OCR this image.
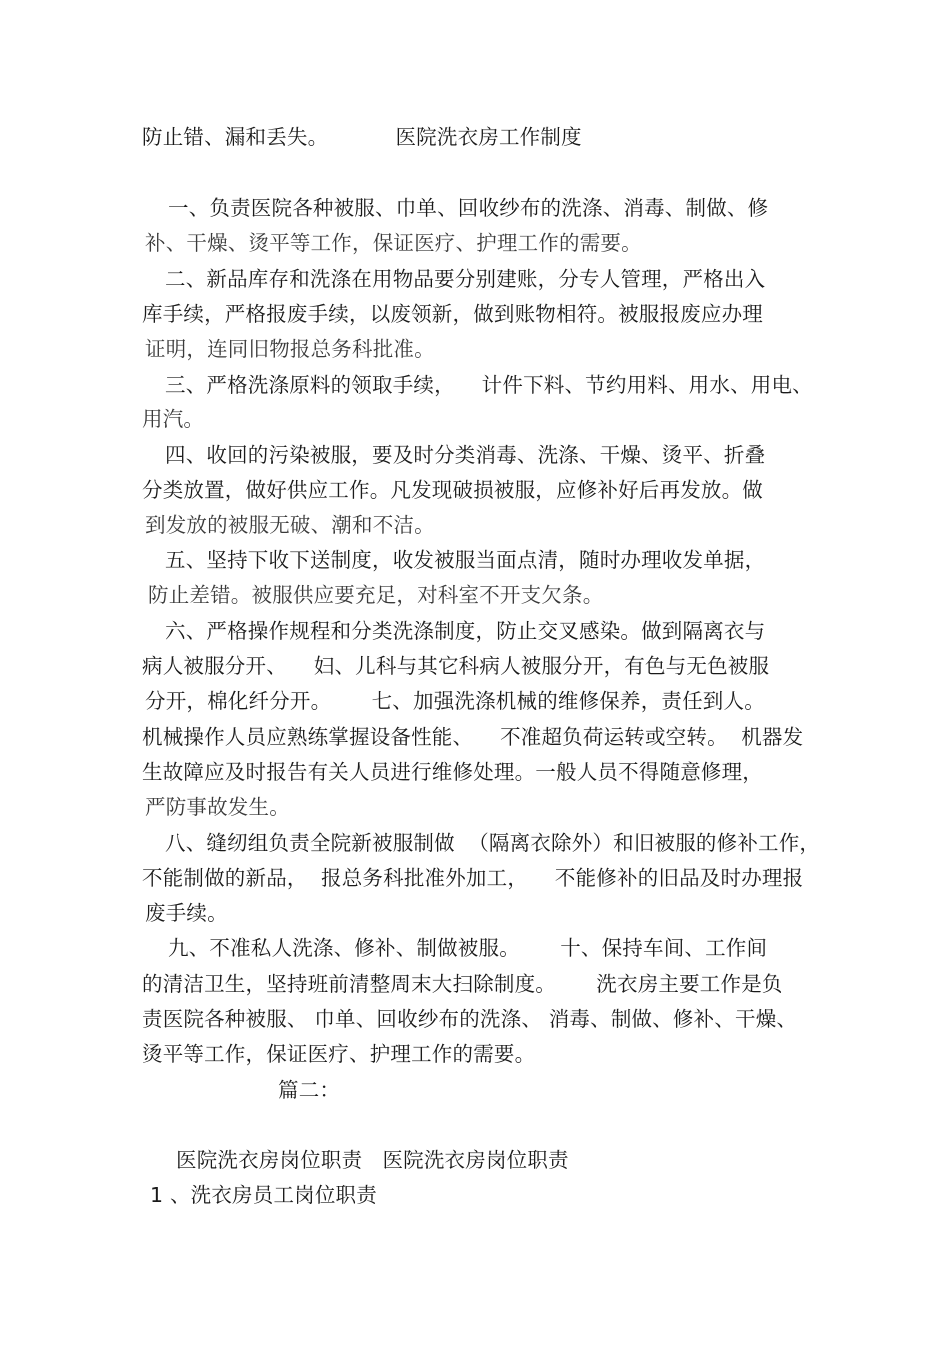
防止错、漏和丢失。          医院洗衣房工作制度
一、负责医院各种被服、巾单、回收纱布的洗涤、消毒、制做、修
补、干燥、烫平等工作，保证医疗、护理工作的需要。
二、新品库存和洗涤在用物品要分别建账，分专人管理，严格出入
库手续，严格报废手续，以废领新，做到账物相符。被服报废应办理
证明，连同旧物报总务科批准。
三、严格洗涤原料的领取手续，    计件下料、节约用料、用水、用电、
用汽。
四、收回的污染被服，要及时分类消毒、洗涤、干燥、烫平、折叠
分类放置，做好供应工作。凡发现破损被服，应修补好后再发放。做
到发放的被服无破、潮和不洁。
五、坚持下收下送制度，收发被服当面点清，随时办理收发单据，
防止差错。被服供应要充足，对科室不开支欠条。
六、严格操作规程和分类洗涤制度，防止交叉感染。做到隔离衣与
病人被服分开、    妇、儿科与其它科病人被服分开，有色与无色被服
分开，棉化纤分开。      七、加强洗涤机械的维修保养，责任到人。
机械操作人员应熟练掌握设备性能、    不准超负荷运转或空转。  机器发
生故障应及时报告有关人员进行维修处理。一般人员不得随意修理，
严防事故发生。
八、缝纫组负责全院新被服制做  （隔离衣除外）和旧被服的修补工作，
不能制做的新品，  报总务科批准外加工，    不能修补的旧品及时办理报
废手续。
九、不准私人洗涤、修补、制做被服。      十、保持车间、工作间
的清洁卫生，坚持班前清整周末大扫除制度。      洗衣房主要工作是负
责医院各种被服、 巾单、回收纱布的洗涤、 消毒、制做、修补、干燥、
烫平等工作，保证医疗、护理工作的需要。
篇二：
医院洗衣房岗位职责   医院洗衣房岗位职责
1 、洗衣房员工岗位职责
